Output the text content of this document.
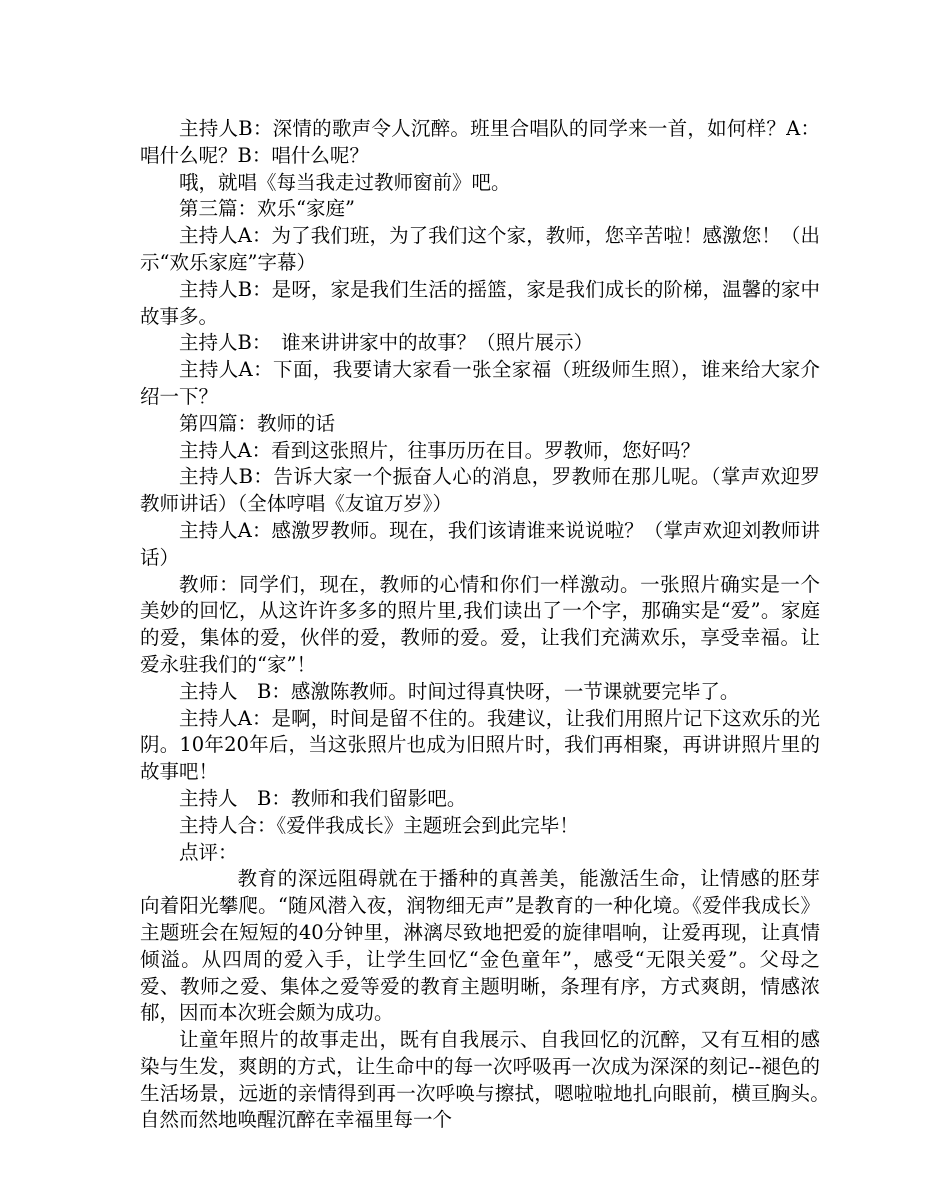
主持人B：深情的歌声令人沉醉。班里合唱队的同学来一首，如何样？A：唱什么呢？B：唱什么呢？

哦，就唱《每当我走过教师窗前》吧。

第三篇：欢乐“家庭”

主持人A：为了我们班，为了我们这个家，教师，您辛苦啦！感激您！（出示“欢乐家庭”字幕）

主持人B：是呀，家是我们生活的摇篮，家是我们成长的阶梯，温馨的家中故事多。

主持人B：　谁来讲讲家中的故事？（照片展示）

主持人A：下面，我要请大家看一张全家福（班级师生照），谁来给大家介绍一下？

第四篇：教师的话

主持人A：看到这张照片，往事历历在目。罗教师，您好吗？

主持人B：告诉大家一个振奋人心的消息，罗教师在那儿呢。（掌声欢迎罗教师讲话）（全体哼唱《友谊万岁》）

主持人A：感激罗教师。现在，我们该请谁来说说啦？（掌声欢迎刘教师讲话）

教师：同学们，现在，教师的心情和你们一样激动。一张照片确实是一个美妙的回忆，从这许许多多的照片里,我们读出了一个字，那确实是“爱”。家庭的爱，集体的爱，伙伴的爱，教师的爱。爱，让我们充满欢乐，享受幸福。让爱永驻我们的“家”！

主持人　B：感激陈教师。时间过得真快呀，一节课就要完毕了。

主持人A：是啊，时间是留不住的。我建议，让我们用照片记下这欢乐的光阴。10年20年后，当这张照片也成为旧照片时，我们再相聚，再讲讲照片里的故事吧！

主持人　B：教师和我们留影吧。

主持人合：《爱伴我成长》主题班会到此完毕！

点评：

教育的深远阻碍就在于播种的真善美，能激活生命，让情感的胚芽向着阳光攀爬。“随风潜入夜，润物细无声”是教育的一种化境。《爱伴我成长》主题班会在短短的40分钟里，淋漓尽致地把爱的旋律唱响，让爱再现，让真情倾溢。从四周的爱入手，让学生回忆“金色童年”，感受“无限关爱”。父母之爱、教师之爱、集体之爱等爱的教育主题明晰，条理有序，方式爽朗，情感浓郁，因而本次班会颇为成功。

让童年照片的故事走出，既有自我展示、自我回忆的沉醉，又有互相的感染与生发，爽朗的方式，让生命中的每一次呼吸再一次成为深深的刻记--褪色的生活场景，远逝的亲情得到再一次呼唤与擦拭，嗯啦啦地扎向眼前，横亘胸头。　自然而然地唤醒沉醉在幸福里每一个
